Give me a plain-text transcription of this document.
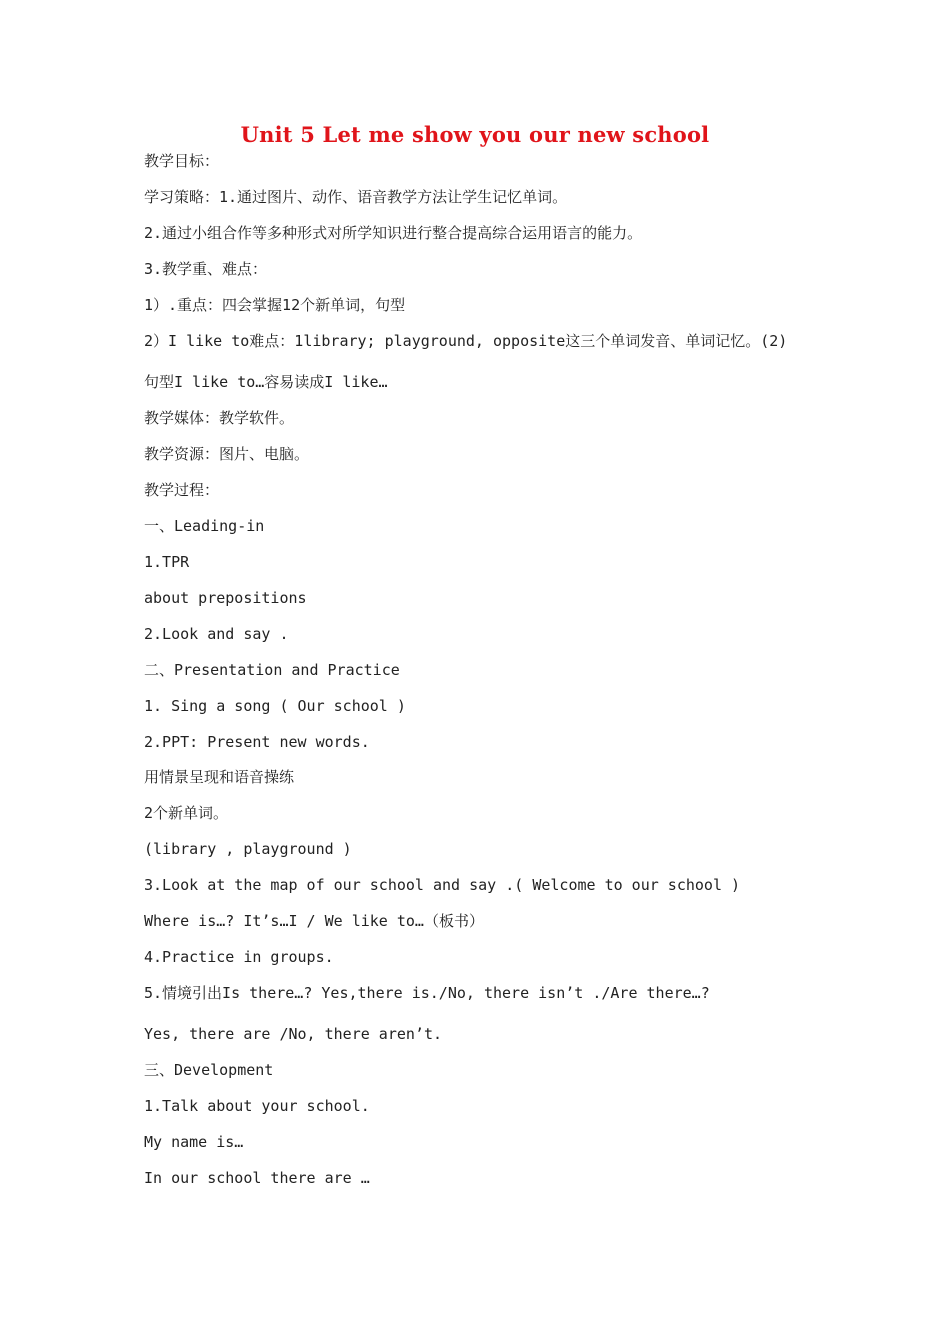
Unit 5 Let me show you our new school
教学目标：
学习策略：1.通过图片、动作、语音教学方法让学生记忆单词。
2.通过小组合作等多种形式对所学知识进行整合提高综合运用语言的能力。
3.教学重、难点：
1）.重点：四会掌握12个新单词，句型
2）I like to难点：1library; playground, opposite这三个单词发音、单词记忆。(2)
句型I like to…容易读成I like…
教学媒体：教学软件。
教学资源：图片、电脑。
教学过程：
一、Leading-in
1.TPR
about prepositions
2.Look and say .
二、Presentation and Practice
1. Sing a song ( Our school )
2.PPT: Present new words.
用情景呈现和语音操练
2个新单词。
(library , playground )
3.Look at the map of our school and say .( Welcome to our school )
Where is…? It’s…I / We like to…（板书）
4.Practice in groups.
5.情境引出Is there…? Yes,there is./No, there isn’t ./Are there…?
Yes, there are /No, there aren’t.
三、Development
1.Talk about your school.
My name is…
In our school there are …
